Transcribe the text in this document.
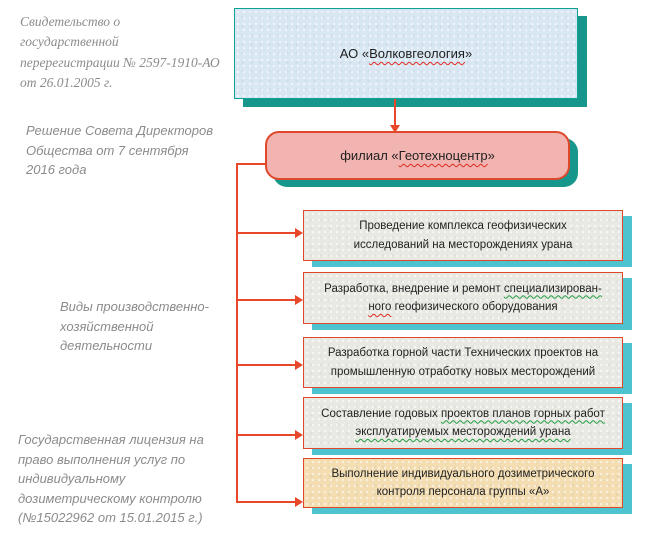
Свидетельство о государственной перерегистрации № 2597-1910-АО от 26.01.2005 г.
Решение Совета Директоров Общества от 7 сентября 2016 года
Виды производственно-хозяйственной деятельности
Государственная лицензия на право выполнения услуг по индивидуальному дозиметрическому контролю (№15022962 от 15.01.2015 г.)
АО «Волковгеология»
филиал «Геотехноцентр»
Проведение комплекса геофизических исследований на месторождениях урана
Разработка, внедрение и ремонт специализирован-
ного геофизического оборудования
Разработка горной части Технических проектов на промышленную отработку новых месторождений
Составление годовых проектов планов горных работ эксплуатируемых месторождений урана
Выполнение индивидуального дозиметрического контроля персонала группы «А»
